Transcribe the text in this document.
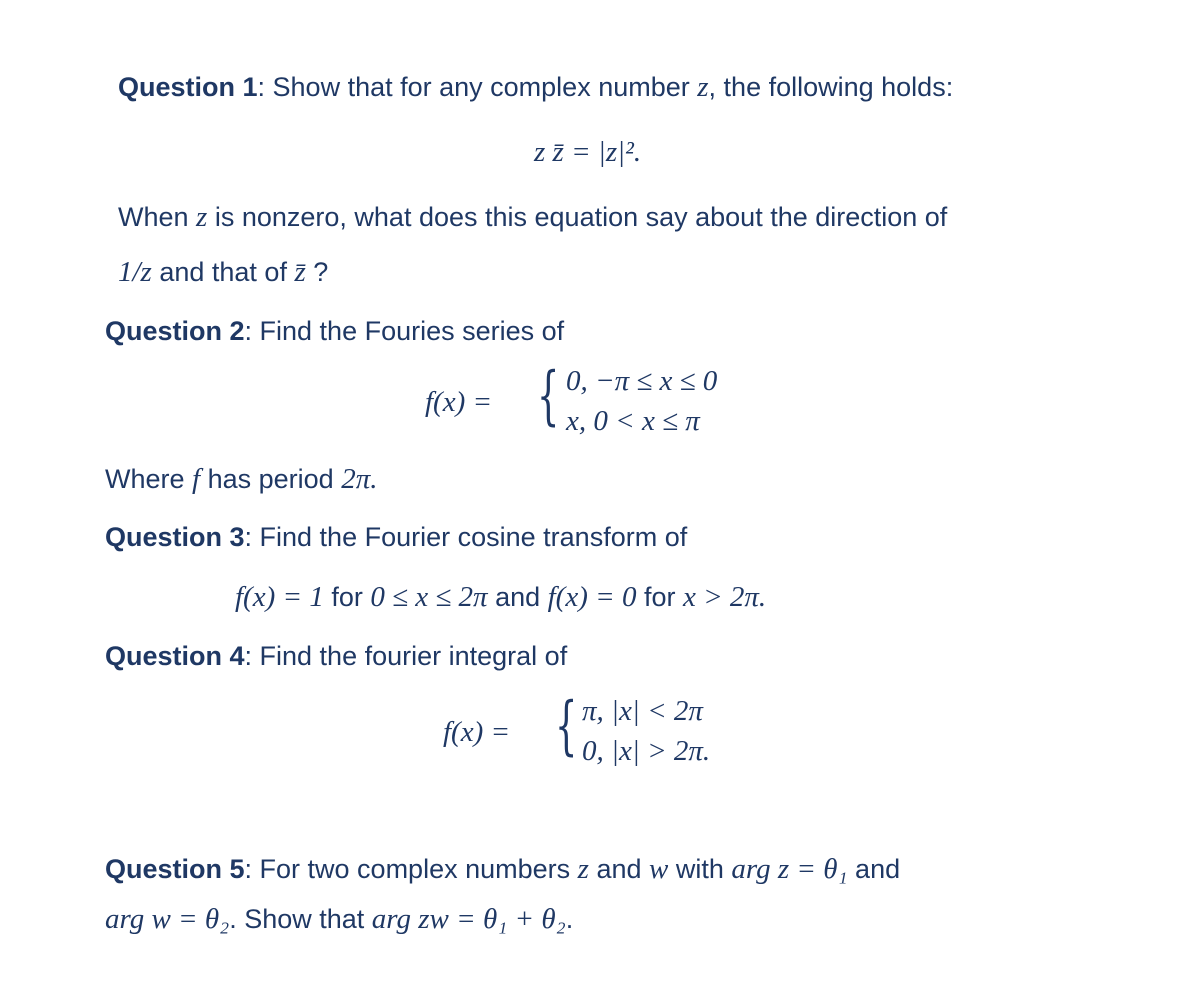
Question 1: Show that for any complex number z, the following holds:
z z̄ = |z|².
When z is nonzero, what does this equation say about the direction of
1/z and that of z̄ ?
Question 2: Find the Fouries series of
f(x) = { 0, −π ≤ x ≤ 0
x, 0 < x ≤ π
Where f has period 2π.
Question 3: Find the Fourier cosine transform of
f(x) = 1 for 0 ≤ x ≤ 2π and f(x) = 0 for x > 2π.
Question 4: Find the fourier integral of
f(x) = { π, |x| < 2π
0, |x| > 2π.
Question 5: For two complex numbers z and w with arg z = θ₁ and
arg w = θ₂. Show that arg zw = θ₁ + θ₂.
